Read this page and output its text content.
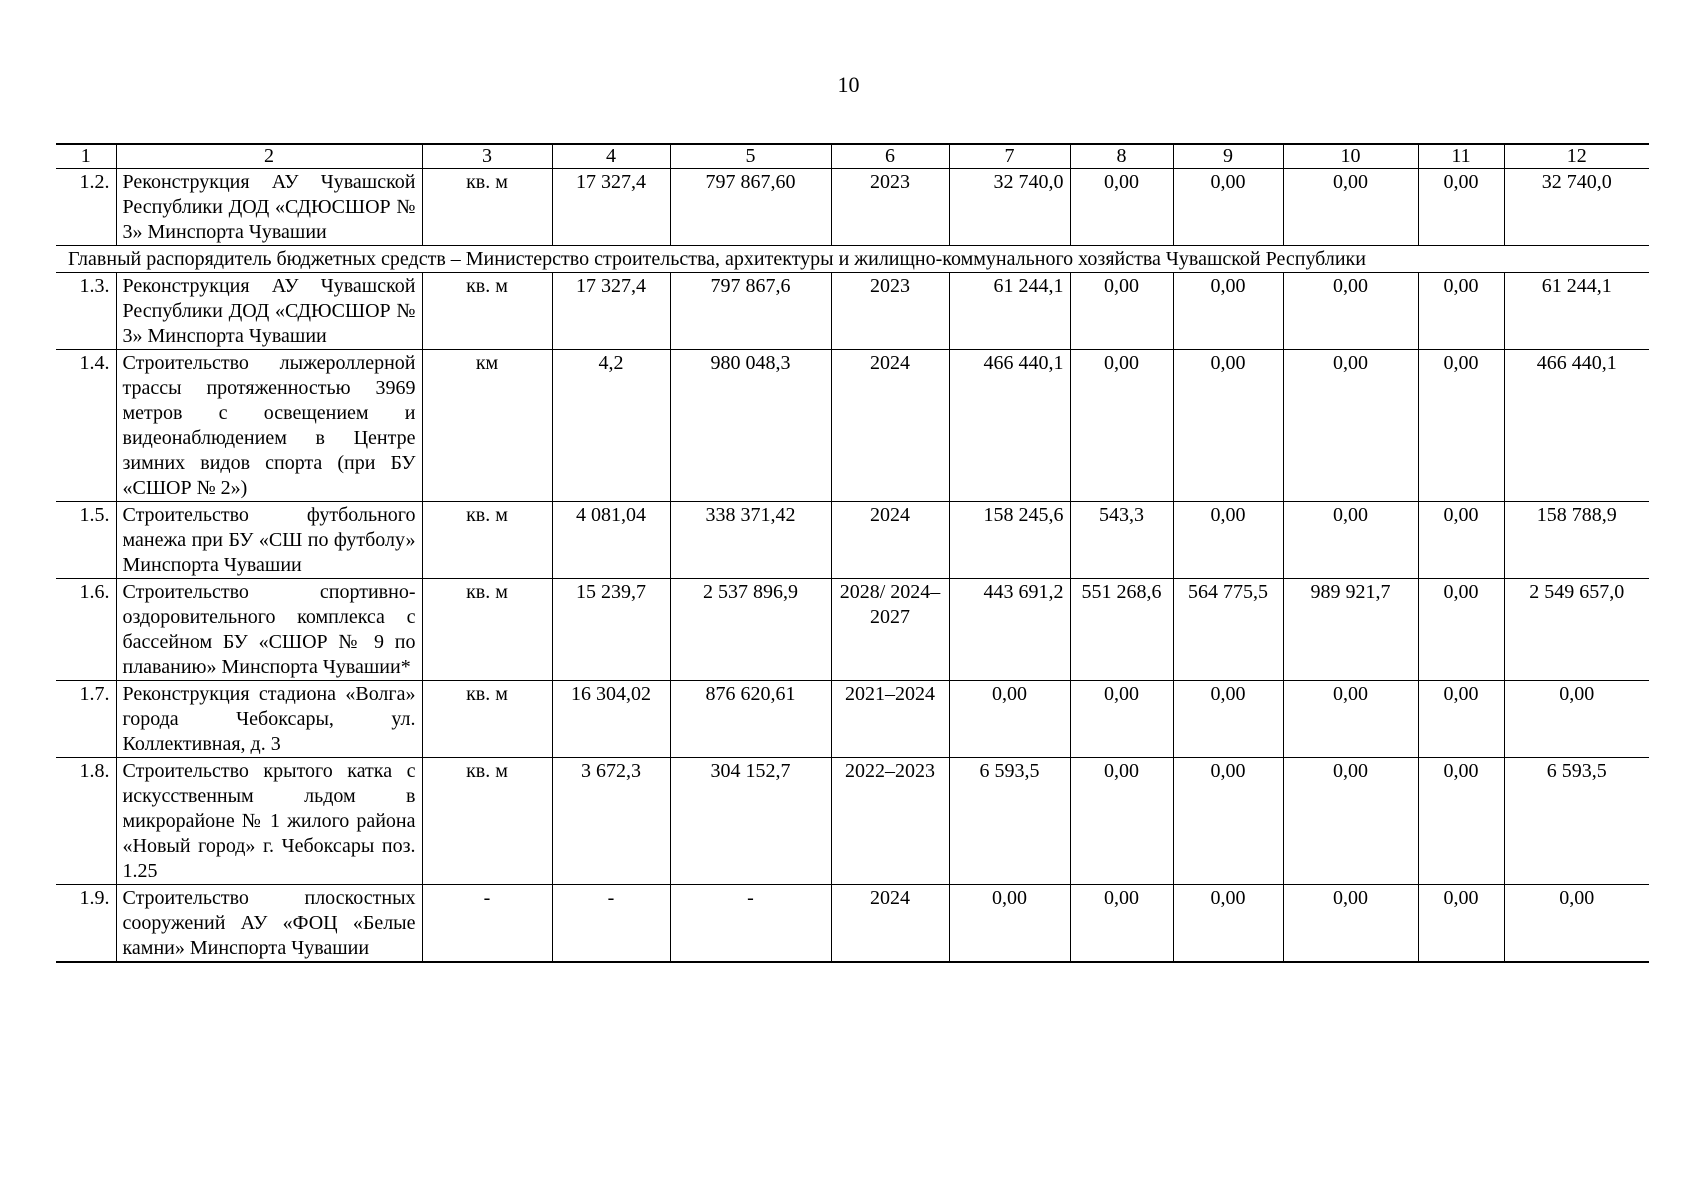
10
1	2	3	4	5	6	7	8	9	10	11	12
1.2.	Реконструкция АУ Чувашской Республики ДОД «СДЮСШОР № 3» Минспорта Чувашии	кв. м	17 327,4	797 867,60	2023	32 740,0	0,00	0,00	0,00	0,00	32 740,0
Главный распорядитель бюджетных средств – Министерство строительства, архитектуры и жилищно-коммунального хозяйства Чувашской Республики											
1.3.	Реконструкция АУ Чувашской Республики ДОД «СДЮСШОР № 3» Минспорта Чувашии	кв. м	17 327,4	797 867,6	2023	61 244,1	0,00	0,00	0,00	0,00	61 244,1
1.4.	Строительство лыжероллерной трассы протяженностью 3969 метров с освещением и видеонаблюдением в Центре зимних видов спорта (при БУ «СШОР № 2»)	км	4,2	980 048,3	2024	466 440,1	0,00	0,00	0,00	0,00	466 440,1
1.5.	Строительство футбольного манежа при БУ «СШ по футболу» Минспорта Чувашии	кв. м	4 081,04	338 371,42	2024	158 245,6	543,3	0,00	0,00	0,00	158 788,9
1.6.	Строительство спортивно-оздоровительного комплекса с бассейном БУ «СШОР № 9 по плаванию» Минспорта Чувашии*	кв. м	15 239,7	2 537 896,9	2028/ 2024–2027	443 691,2	551 268,6	564 775,5	989 921,7	0,00	2 549 657,0
1.7.	Реконструкция стадиона «Волга» города Чебоксары, ул. Коллективная, д. 3	кв. м	16 304,02	876 620,61	2021–2024	0,00	0,00	0,00	0,00	0,00	0,00
1.8.	Строительство крытого катка с искусственным льдом в микрорайоне № 1 жилого района «Новый город» г. Чебоксары поз. 1.25	кв. м	3 672,3	304 152,7	2022–2023	6 593,5	0,00	0,00	0,00	0,00	6 593,5
1.9.	Строительство плоскостных сооружений АУ «ФОЦ «Белые камни» Минспорта Чувашии	-	-	-	2024	0,00	0,00	0,00	0,00	0,00	0,00
